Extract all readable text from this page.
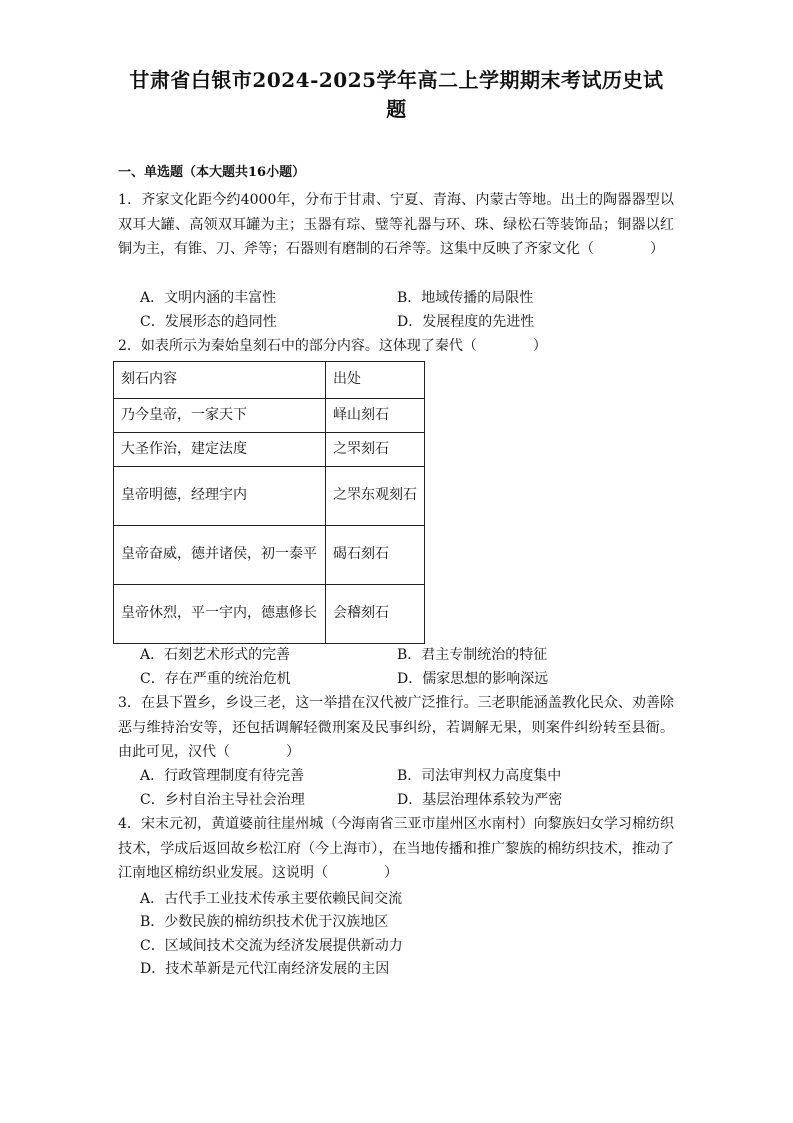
甘肃省白银市2024-2025学年高二上学期期末考试历史试
题
一、单选题（本大题共16小题）
1．齐家文化距今约4000年，分布于甘肃、宁夏、青海、内蒙古等地。出土的陶器器型以双耳大罐、高领双耳罐为主；玉器有琮、璧等礼器与环、珠、绿松石等装饰品；铜器以红铜为主，有锥、刀、斧等；石器则有磨制的石斧等。这集中反映了齐家文化（　　　　）
A．文明内涵的丰富性	B．地域传播的局限性
C．发展形态的趋同性	D．发展程度的先进性
2．如表所示为秦始皇刻石中的部分内容。这体现了秦代（　　　　）
刻石内容	出处
乃今皇帝，一家天下	峄山刻石
大圣作治，建定法度	之罘刻石
皇帝明德，经理宇内	之罘东观刻石
皇帝奋威，德并诸侯，初一泰平	碣石刻石
皇帝休烈，平一宇内，德惠修长	会稽刻石
A．石刻艺术形式的完善	B．君主专制统治的特征
C．存在严重的统治危机	D．儒家思想的影响深远
3．在县下置乡，乡设三老，这一举措在汉代被广泛推行。三老职能涵盖教化民众、劝善除恶与维持治安等，还包括调解轻微刑案及民事纠纷，若调解无果，则案件纠纷转至县衙。由此可见，汉代（　　　　）
A．行政管理制度有待完善	B．司法审判权力高度集中
C．乡村自治主导社会治理	D．基层治理体系较为严密
4．宋末元初，黄道婆前往崖州城（今海南省三亚市崖州区水南村）向黎族妇女学习棉纺织技术，学成后返回故乡松江府（今上海市），在当地传播和推广黎族的棉纺织技术，推动了江南地区棉纺织业发展。这说明（　　　　）
A．古代手工业技术传承主要依赖民间交流
B．少数民族的棉纺织技术优于汉族地区
C．区域间技术交流为经济发展提供新动力
D．技术革新是元代江南经济发展的主因
